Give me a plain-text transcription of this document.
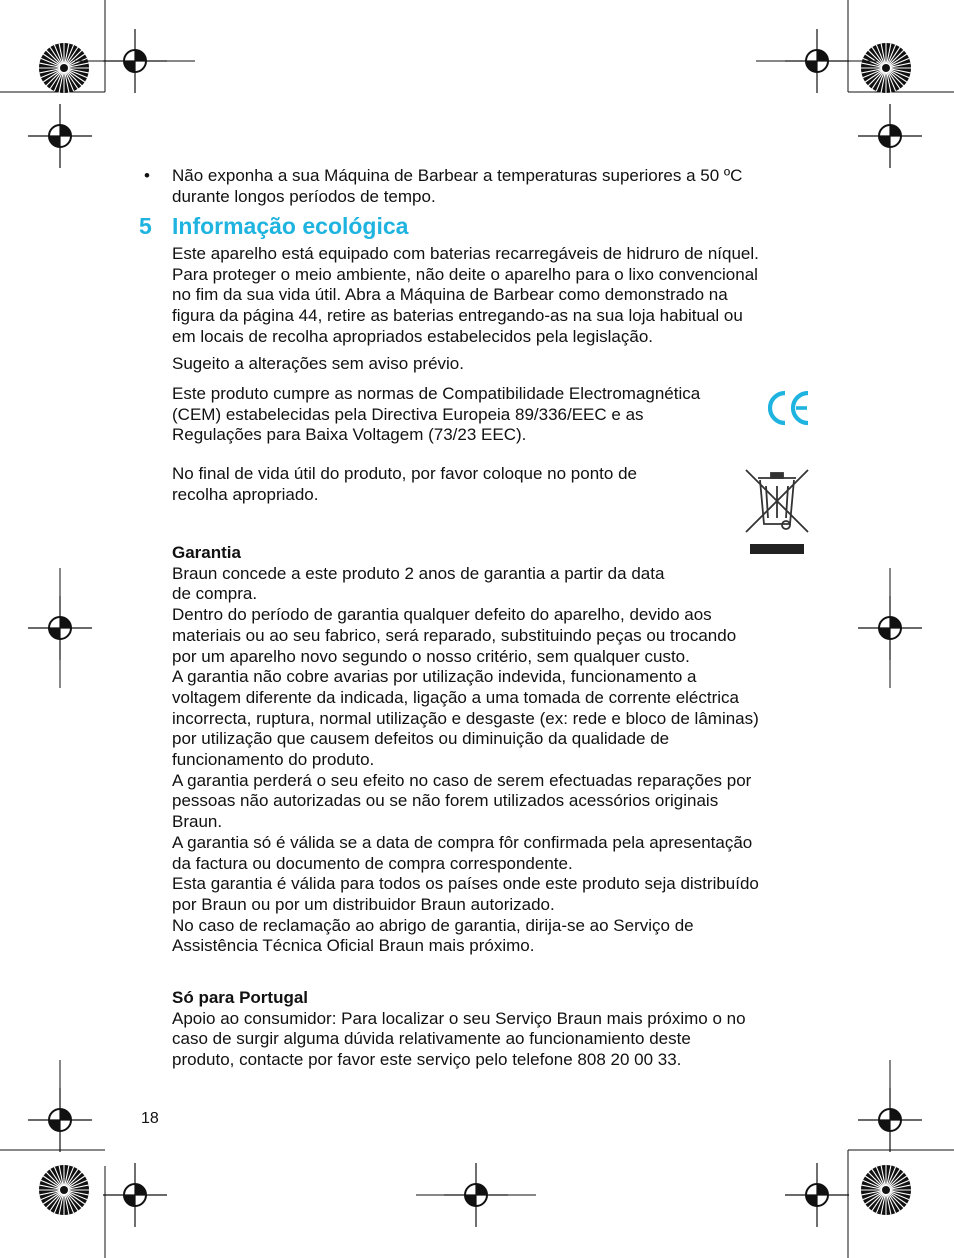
• Não exponha a sua Máquina de Barbear a temperaturas superiores a 50 ºC

durante longos períodos de tempo.

5 Informação ecológica

Este aparelho está equipado com baterias recarregáveis de hidruro de níquel.

Para proteger o meio ambiente, não deite o aparelho para o lixo convencional

no fim da sua vida útil. Abra a Máquina de Barbear como demonstrado na

figura da página 44, retire as baterias entregando-as na sua loja habitual ou

em locais de recolha apropriados estabelecidos pela legislação.

Sugeito a alterações sem aviso prévio.

Este produto cumpre as normas de Compatibilidade Electromagnética

(CEM) estabelecidas pela Directiva Europeia 89/336/EEC e as

Regulações para Baixa Voltagem (73/23 EEC).

No final de vida útil do produto, por favor coloque no ponto de

recolha apropriado.

Garantia

Braun concede a este produto 2 anos de garantia a partir da data

de compra.

Dentro do período de garantia qualquer defeito do aparelho, devido aos

materiais ou ao seu fabrico, será reparado, substituindo peças ou trocando

por um aparelho novo segundo o nosso critério, sem qualquer custo.

A garantia não cobre avarias por utilização indevida, funcionamento a

voltagem diferente da indicada, ligação a uma tomada de corrente eléctrica

incorrecta, ruptura, normal utilização e desgaste (ex: rede e bloco de lâminas)

por utilização que causem defeitos ou diminuição da qualidade de

funcionamento do produto.

A garantia perderá o seu efeito no caso de serem efectuadas reparações por

pessoas não autorizadas ou se não forem utilizados acessórios originais

Braun.

A garantia só é válida se a data de compra fôr confirmada pela apresentação

da factura ou documento de compra correspondente.

Esta garantia é válida para todos os países onde este produto seja distribuído

por Braun ou por um distribuidor Braun autorizado.

No caso de reclamação ao abrigo de garantia, dirija-se ao Serviço de

Assistência Técnica Oficial Braun mais próximo.

Só para Portugal

Apoio ao consumidor: Para localizar o seu Serviço Braun mais próximo o no

caso de surgir alguma dúvida relativamente ao funcionamiento deste

produto, contacte por favor este serviço pelo telefone 808 20 00 33.

18
